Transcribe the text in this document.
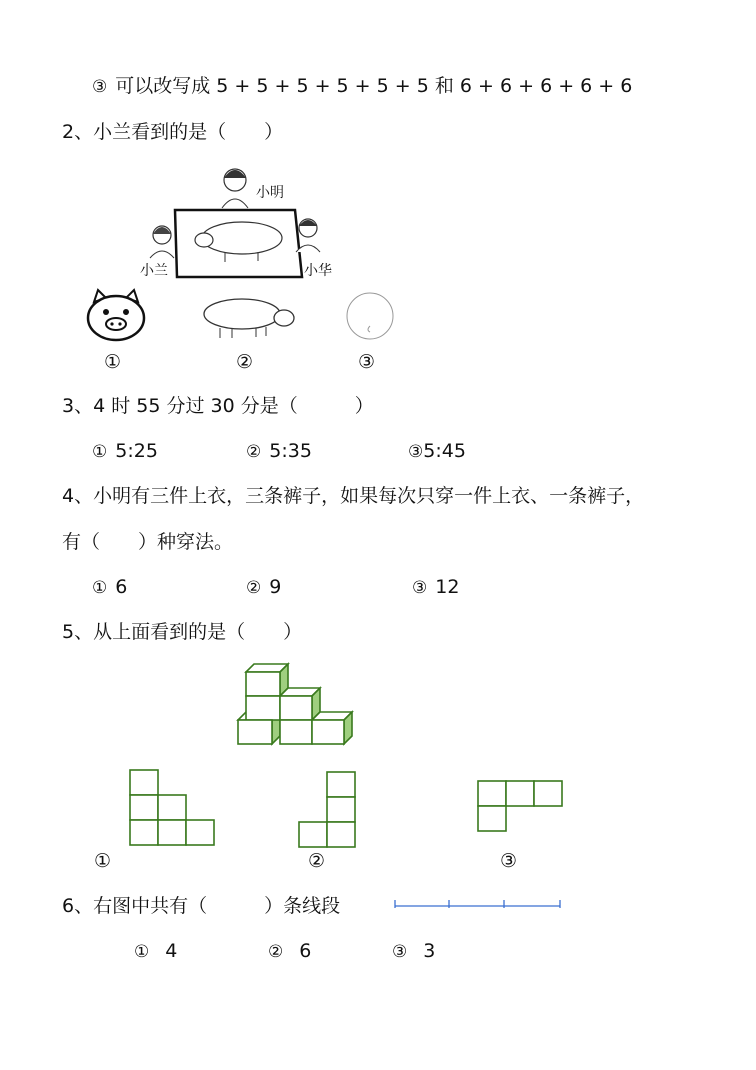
③ 可以改写成 5 + 5 + 5 + 5 + 5 + 5 和 6 + 6 + 6 + 6 + 6
2、小兰看到的是（　　）
小明
小兰	小华
①	②	③
3、4 时 55 分过 30 分是（　　　）
① 5:25	② 5:35	③5:45
4、小明有三件上衣，三条裤子，如果每次只穿一件上衣、一条裤子，
有（　　）种穿法。
① 6	② 9	③ 12
5、从上面看到的是（　　）
①	②	③
6、右图中共有（　　　）条线段
① 4	② 6	③ 3
